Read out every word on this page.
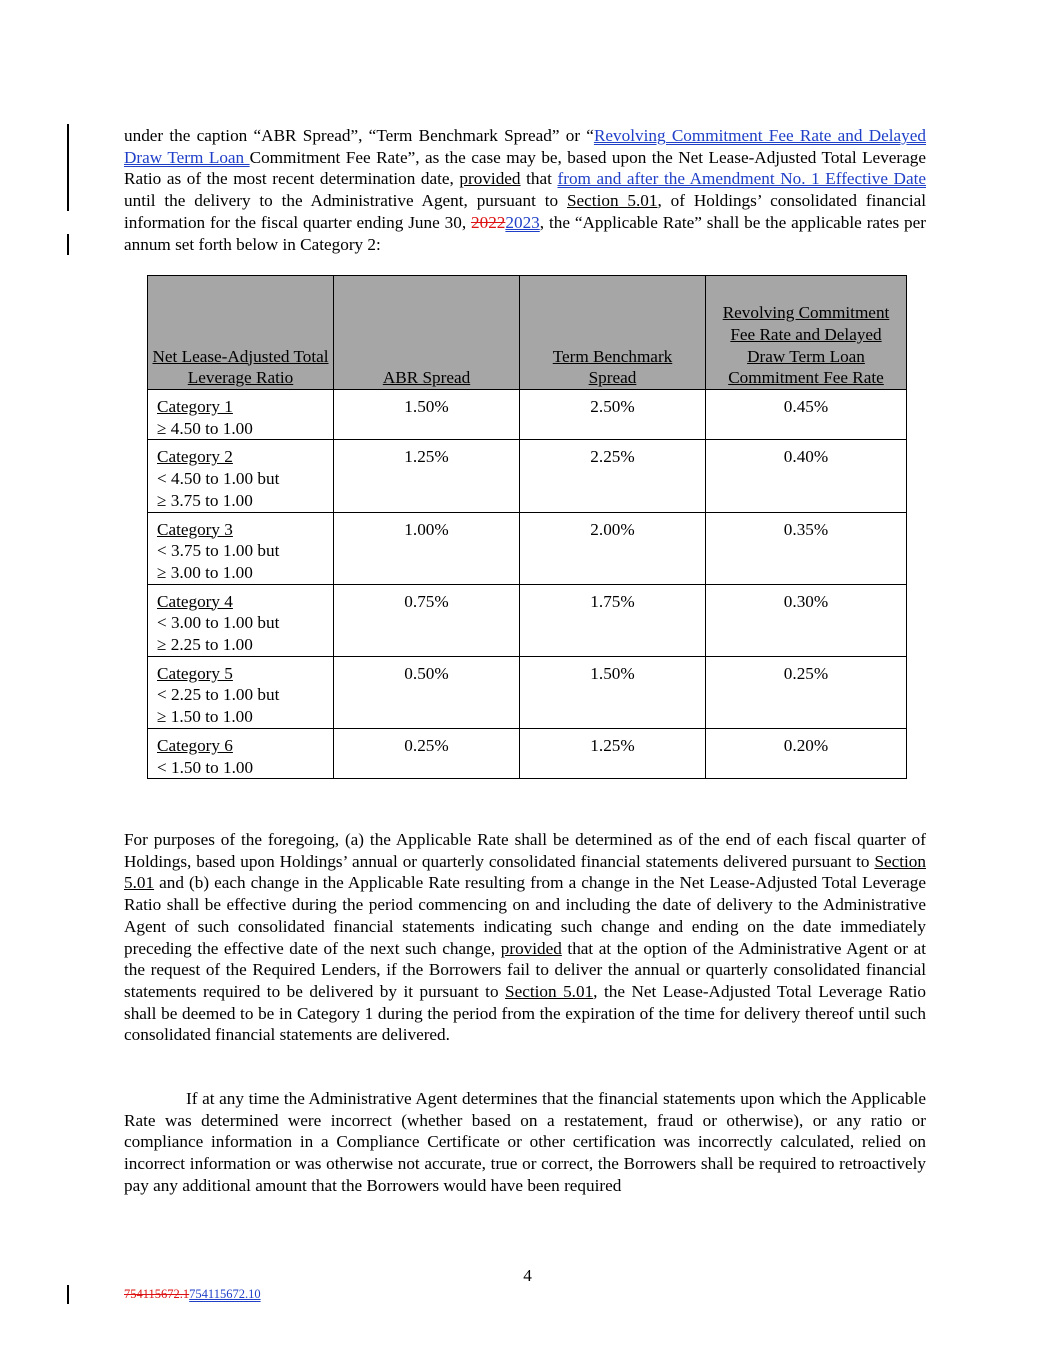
under the caption “ABR Spread”, “Term Benchmark Spread” or “Revolving Commitment Fee Rate and Delayed Draw Term Loan Commitment Fee Rate”, as the case may be, based upon the Net Lease-Adjusted Total Leverage Ratio as of the most recent determination date, provided that from and after the Amendment No. 1 Effective Date until the delivery to the Administrative Agent, pursuant to Section 5.01, of Holdings’ consolidated financial information for the fiscal quarter ending June 30, 20222023, the “Applicable Rate” shall be the applicable rates per annum set forth below in Category 2:
Net Lease-Adjusted Total Leverage Ratio	ABR Spread	Term Benchmark Spread	Revolving Commitment Fee Rate and Delayed Draw Term Loan Commitment Fee Rate
Category 1
≥ 4.50 to 1.00	1.50%	2.50%	0.45%
Category 2
< 4.50 to 1.00 but
≥ 3.75 to 1.00	1.25%	2.25%	0.40%
Category 3
< 3.75 to 1.00 but
≥ 3.00 to 1.00	1.00%	2.00%	0.35%
Category 4
< 3.00 to 1.00 but
≥ 2.25 to 1.00	0.75%	1.75%	0.30%
Category 5
< 2.25 to 1.00 but
≥ 1.50 to 1.00	0.50%	1.50%	0.25%
Category 6
< 1.50 to 1.00	0.25%	1.25%	0.20%
For purposes of the foregoing, (a) the Applicable Rate shall be determined as of the end of each fiscal quarter of Holdings, based upon Holdings’ annual or quarterly consolidated financial statements delivered pursuant to Section 5.01 and (b) each change in the Applicable Rate resulting from a change in the Net Lease-Adjusted Total Leverage Ratio shall be effective during the period commencing on and including the date of delivery to the Administrative Agent of such consolidated financial statements indicating such change and ending on the date immediately preceding the effective date of the next such change, provided that at the option of the Administrative Agent or at the request of the Required Lenders, if the Borrowers fail to deliver the annual or quarterly consolidated financial statements required to be delivered by it pursuant to Section 5.01, the Net Lease-Adjusted Total Leverage Ratio shall be deemed to be in Category 1 during the period from the expiration of the time for delivery thereof until such consolidated financial statements are delivered.
If at any time the Administrative Agent determines that the financial statements upon which the Applicable Rate was determined were incorrect (whether based on a restatement, fraud or otherwise), or any ratio or compliance information in a Compliance Certificate or other certification was incorrectly calculated, relied on incorrect information or was otherwise not accurate, true or correct, the Borrowers shall be required to retroactively pay any additional amount that the Borrowers would have been required
4
754115672.1754115672.10
